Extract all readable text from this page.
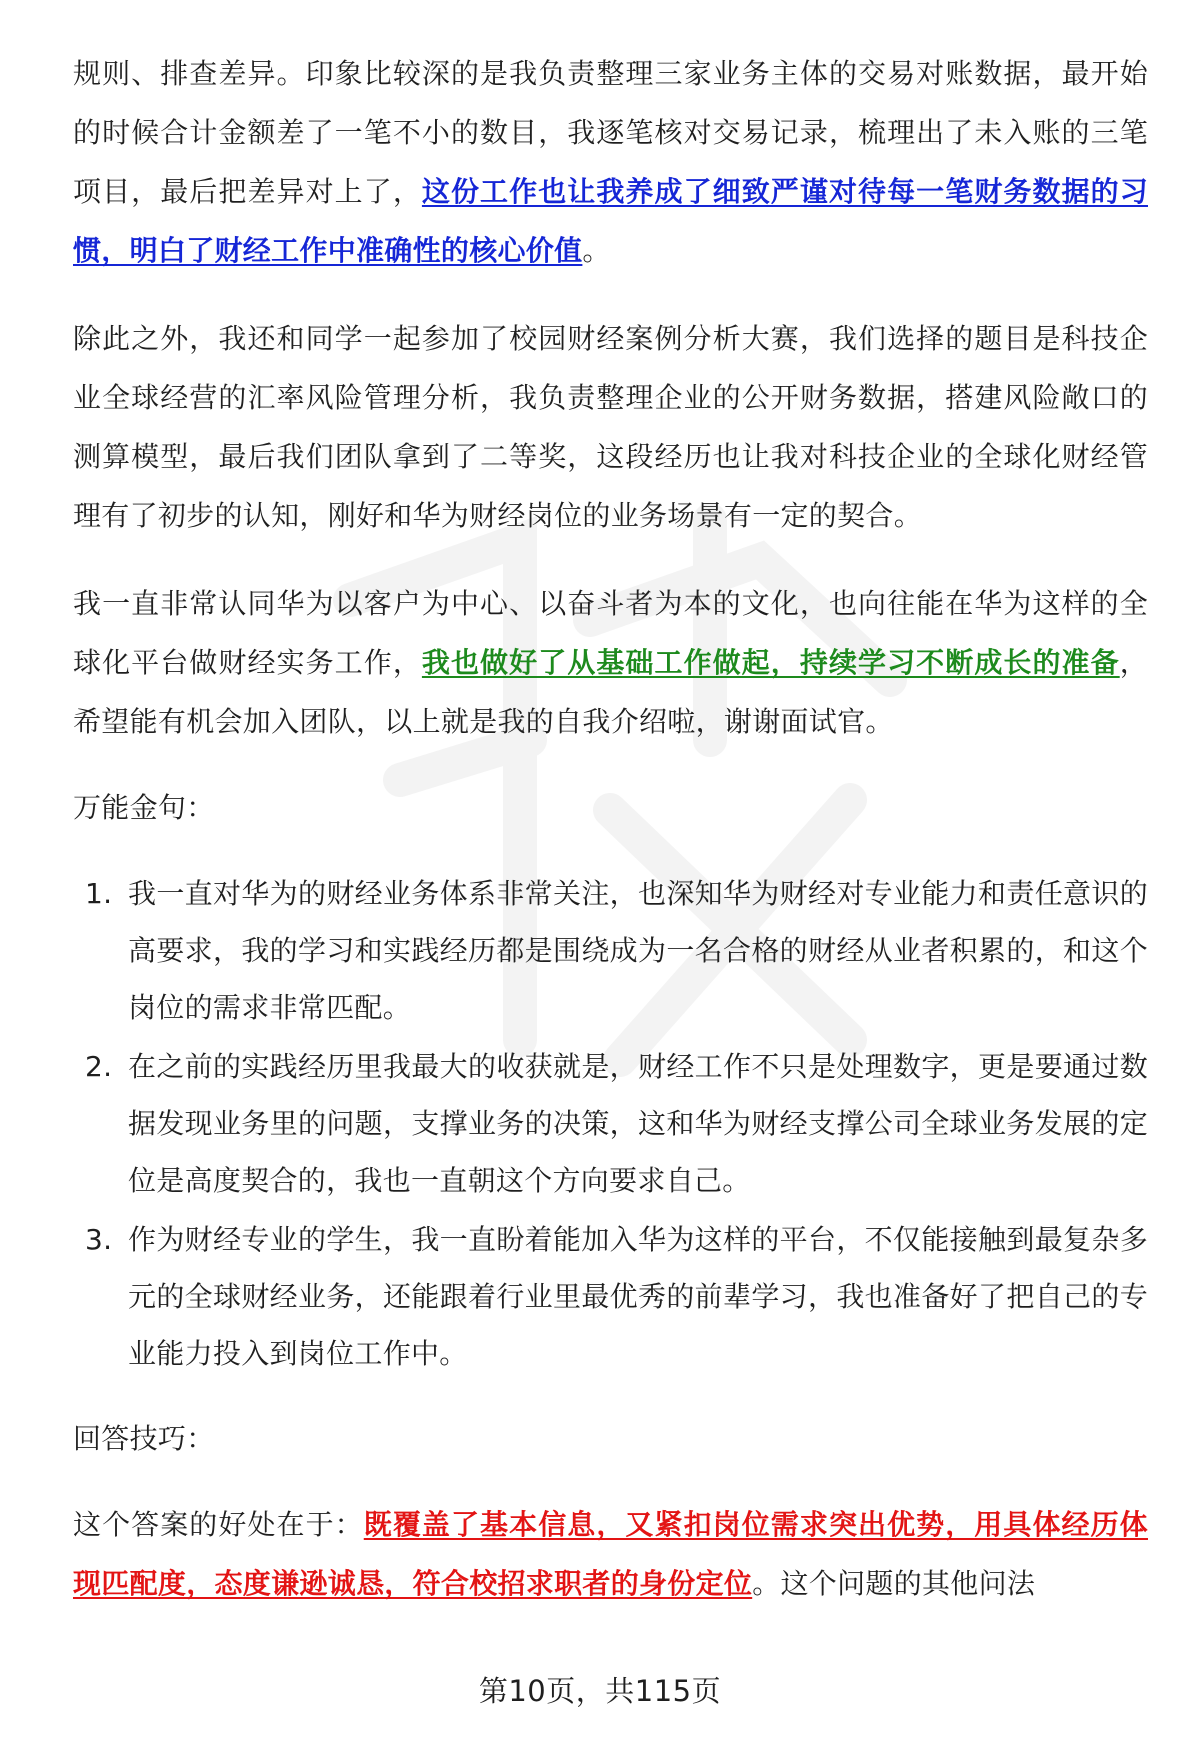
规则、排查差异。印象比较深的是我负责整理三家业务主体的交易对账数据，最开始的时候合计金额差了一笔不小的数目，我逐笔核对交易记录，梳理出了未入账的三笔项目，最后把差异对上了，这份工作也让我养成了细致严谨对待每一笔财务数据的习惯，明白了财经工作中准确性的核心价值。

除此之外，我还和同学一起参加了校园财经案例分析大赛，我们选择的题目是科技企业全球经营的汇率风险管理分析，我负责整理企业的公开财务数据，搭建风险敞口的测算模型，最后我们团队拿到了二等奖，这段经历也让我对科技企业的全球化财经管理有了初步的认知，刚好和华为财经岗位的业务场景有一定的契合。

我一直非常认同华为以客户为中心、以奋斗者为本的文化，也向往能在华为这样的全球化平台做财经实务工作，我也做好了从基础工作做起，持续学习不断成长的准备，希望能有机会加入团队，以上就是我的自我介绍啦，谢谢面试官。

万能金句：

1. 我一直对华为的财经业务体系非常关注，也深知华为财经对专业能力和责任意识的高要求，我的学习和实践经历都是围绕成为一名合格的财经从业者积累的，和这个岗位的需求非常匹配。
2. 在之前的实践经历里我最大的收获就是，财经工作不只是处理数字，更是要通过数据发现业务里的问题，支撑业务的决策，这和华为财经支撑公司全球业务发展的定位是高度契合的，我也一直朝这个方向要求自己。
3. 作为财经专业的学生，我一直盼着能加入华为这样的平台，不仅能接触到最复杂多元的全球财经业务，还能跟着行业里最优秀的前辈学习，我也准备好了把自己的专业能力投入到岗位工作中。

回答技巧：

这个答案的好处在于：既覆盖了基本信息，又紧扣岗位需求突出优势，用具体经历体现匹配度，态度谦逊诚恳，符合校招求职者的身份定位。这个问题的其他问法

第10页，共115页
